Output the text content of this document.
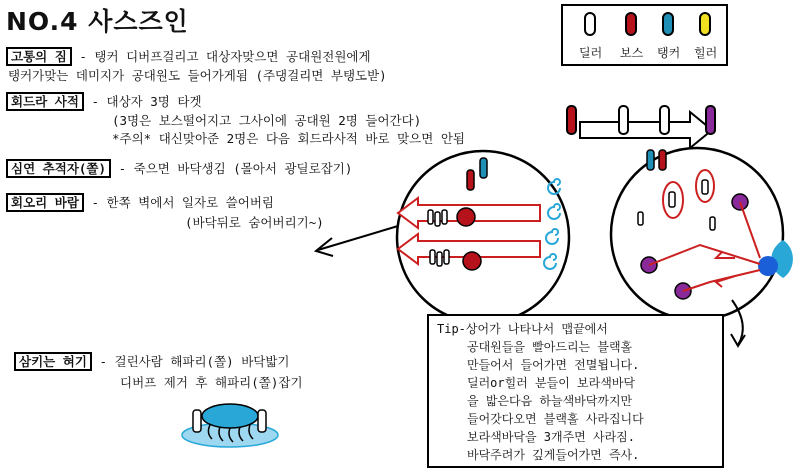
NO.4 사스즈인
딜러 보스 탱커 힐러
고통의 짐 - 탱커 디버프걸리고 대상자맞으면 공대원전원에게
탱커가맞는 데미지가 공대원도 들어가게됨 (주댕걸리면 부탱도받)
회드라 사적 - 대상자 3명 타겟
(3명은 보스떨어지고 그사이에 공대원 2명 들어간다)
*주의* 대신맞아준 2명은 다음 회드라사적 바로 맞으면 안됨
심연 추적자(쫄) - 죽으면 바닥생김 (몰아서 광딜로잡기)
회오리 바람 - 한쪽 벽에서 일자로 쓸어버림
(바닥뒤로 숨어버리기~)
삼키는 혀기 - 걸린사람 해파리(쫄) 바닥밟기
디버프 제거 후 해파리(쫄)잡기
Tip-상어가 나타나서 맵끝에서
공대원들을 빨아드리는 블랙홀
만들어서 들어가면 전멸됩니다.
딜러or힐러 분들이 보라색바닥
을 밟은다음 하늘색바닥까지만
들어갓다오면 블랙홀 사라집니다
보라색바닥을 3개주면 사라짐.
바닥주려가 깊게들어가면 즉사.
